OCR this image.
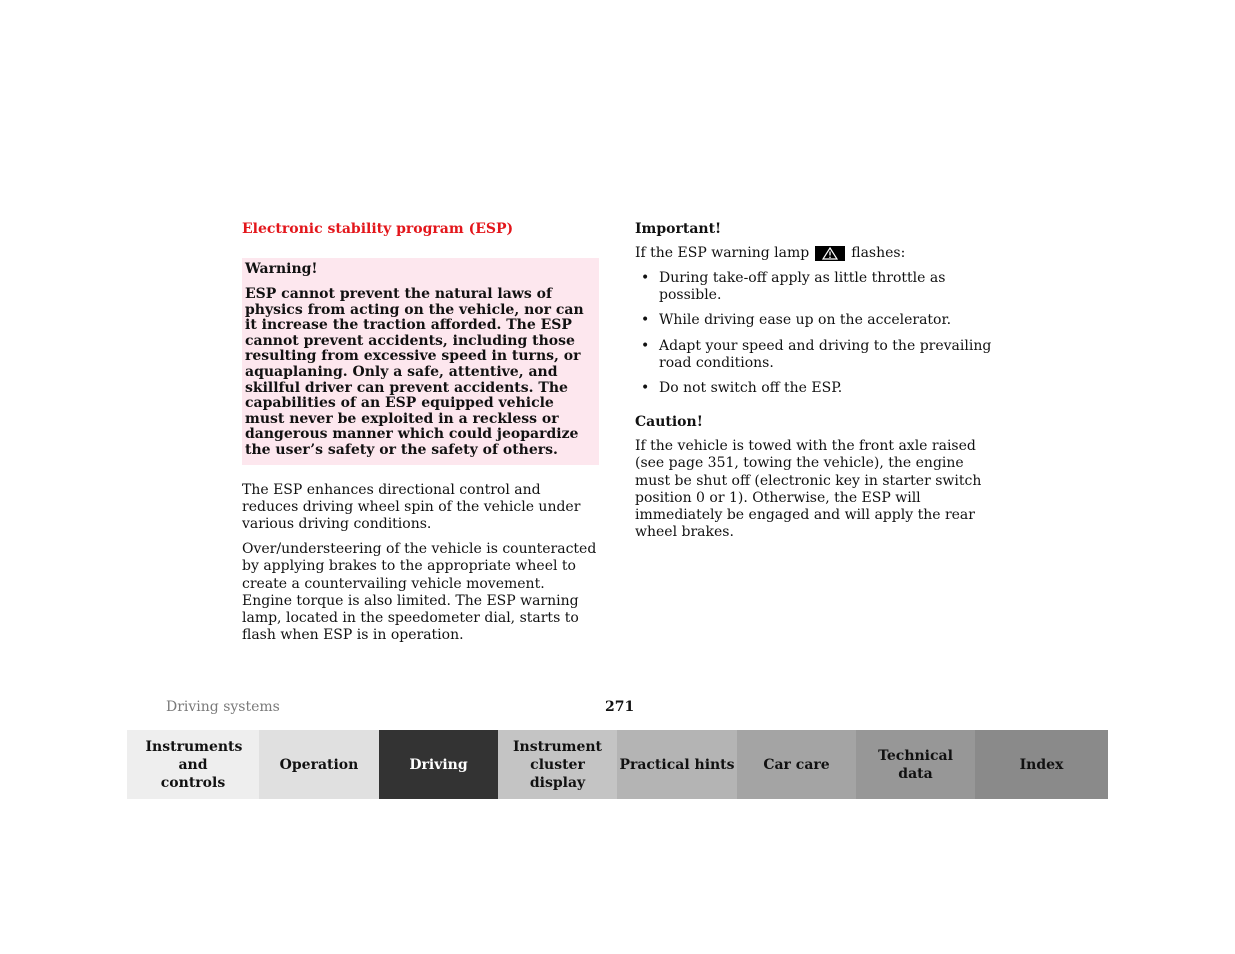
Electronic stability program (ESP)

Warning!

ESP cannot prevent the natural laws of physics from acting on the vehicle, nor can it increase the traction afforded. The ESP cannot prevent accidents, including those resulting from excessive speed in turns, or aquaplaning. Only a safe, attentive, and skillful driver can prevent accidents. The capabilities of an ESP equipped vehicle must never be exploited in a reckless or dangerous manner which could jeopardize the user’s safety or the safety of others.

The ESP enhances directional control and reduces driving wheel spin of the vehicle under various driving conditions.

Over/understeering of the vehicle is counteracted by applying brakes to the appropriate wheel to create a countervailing vehicle movement. Engine torque is also limited. The ESP warning lamp, located in the speedometer dial, starts to flash when ESP is in operation.

Important!

If the ESP warning lamp	flashes:
• During take-off apply as little throttle as possible.
• While driving ease up on the accelerator.
• Adapt your speed and driving to the prevailing road conditions.
• Do not switch off the ESP.

Caution!

If the vehicle is towed with the front axle raised (see page 351, towing the vehicle), the engine must be shut off (electronic key in starter switch position 0 or 1). Otherwise, the ESP will immediately be engaged and will apply the rear wheel brakes.

Driving systems	271
Instruments and controls
Operation	Driving
Instrument cluster display
Practical hints Car care
Technical data
Index
